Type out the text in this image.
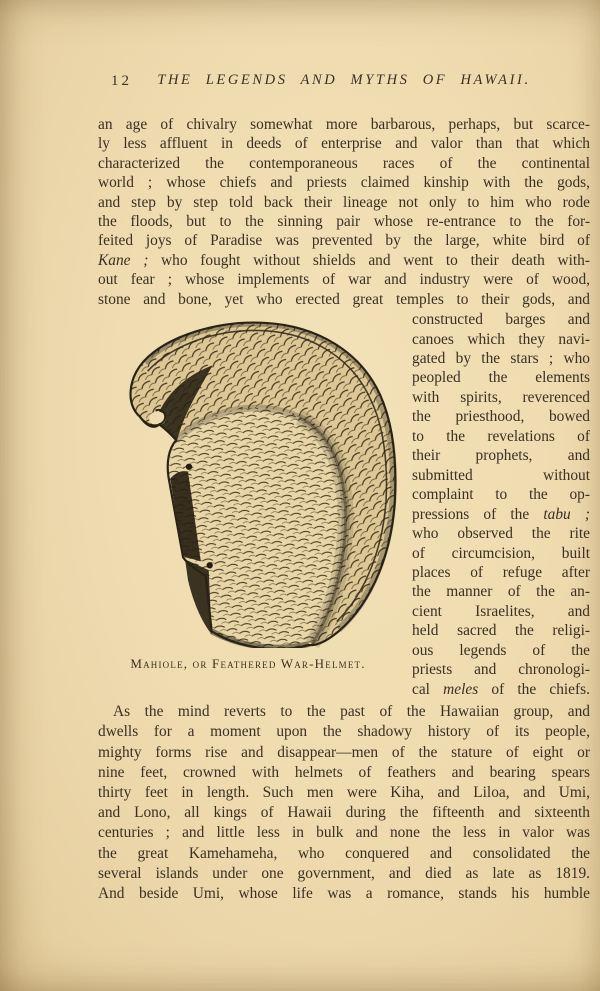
12	THE LEGENDS AND MYTHS OF HAWAII.
an age of chivalry somewhat more barbarous, perhaps, but scarce-
ly less affluent in deeds of enterprise and valor than that which
characterized the contemporaneous races of the continental
world ; whose chiefs and priests claimed kinship with the gods,
and step by step told back their lineage not only to him who rode
the floods, but to the sinning pair whose re-entrance to the for-
feited joys of Paradise was prevented by the large, white bird of
Kane ; who fought without shields and went to their death with-
out fear ; whose implements of war and industry were of wood,
stone and bone, yet who erected great temples to their gods, and
Mahiole, or Feathered War-Helmet.
constructed barges and
canoes which they navi-
gated by the stars ; who
peopled the elements
with spirits, reverenced
the priesthood, bowed
to the revelations of
their prophets, and
submitted without
complaint to the op-
pressions of the tabu ;
who observed the rite
of circumcision, built
places of refuge after
the manner of the an-
cient Israelites, and
held sacred the religi-
ous legends of the
priests and chronologi-
cal meles of the chiefs.
As the mind reverts to the past of the Hawaiian group, and
dwells for a moment upon the shadowy history of its people,
mighty forms rise and disappear—men of the stature of eight or
nine feet, crowned with helmets of feathers and bearing spears
thirty feet in length. Such men were Kiha, and Liloa, and Umi,
and Lono, all kings of Hawaii during the fifteenth and sixteenth
centuries ; and little less in bulk and none the less in valor was
the great Kamehameha, who conquered and consolidated the
several islands under one government, and died as late as 1819.
And beside Umi, whose life was a romance, stands his humble
